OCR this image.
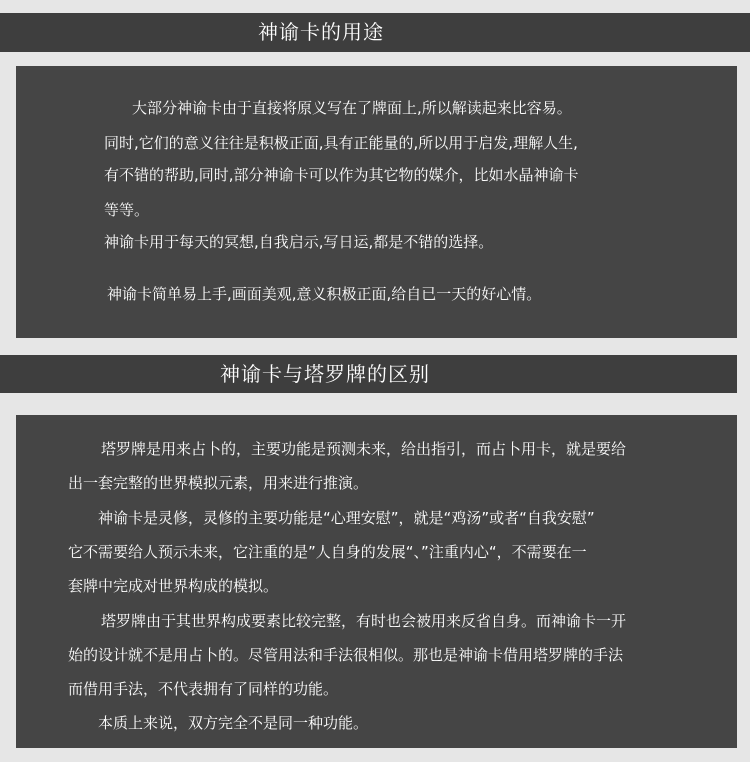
神谕卡的用途
大部分神谕卡由于直接将原义写在了牌面上,所以解读起来比容易。
同时,它们的意义往往是积极正面,具有正能量的,所以用于启发,理解人生,
有不错的帮助,同时,部分神谕卡可以作为其它物的媒介，比如水晶神谕卡
等等。
神谕卡用于每天的冥想,自我启示,写日运,都是不错的选择。
神谕卡简单易上手,画面美观,意义积极正面,给自已一天的好心情。
神谕卡与塔罗牌的区别
塔罗牌是用来占卜的，主要功能是预测未来，给出指引，而占卜用卡，就是要给
出一套完整的世界模拟元素，用来进行推演。
神谕卡是灵修，灵修的主要功能是“心理安慰”，就是“鸡汤”或者“自我安慰”
它不需要给人预示未来，它注重的是”人自身的发展“、”注重内心“，不需要在一
套牌中完成对世界构成的模拟。
塔罗牌由于其世界构成要素比较完整，有时也会被用来反省自身。而神谕卡一开
始的设计就不是用占卜的。尽管用法和手法很相似。那也是神谕卡借用塔罗牌的手法
而借用手法，不代表拥有了同样的功能。
本质上来说，双方完全不是同一种功能。
